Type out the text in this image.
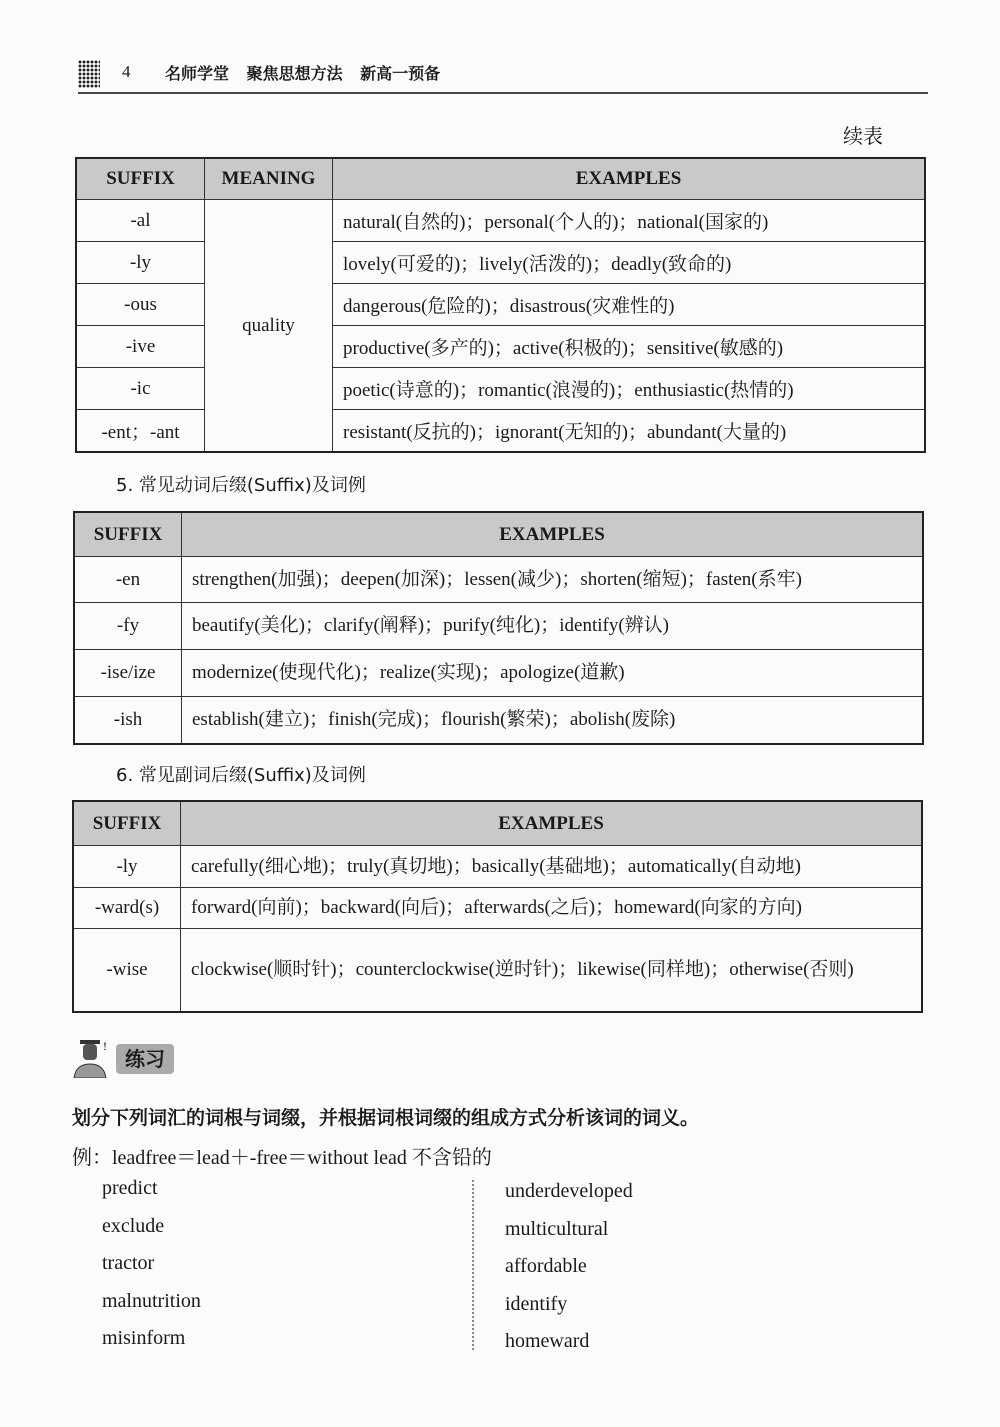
4 名师学堂 聚焦思想方法 新高一预备
续表
SUFFIX	MEANING	EXAMPLES
-al	quality	natural(自然的)；personal(个人的)；national(国家的)
-ly		lovely(可爱的)；lively(活泼的)；deadly(致命的)
-ous		dangerous(危险的)；disastrous(灾难性的)
-ive		productive(多产的)；active(积极的)；sensitive(敏感的)
-ic		poetic(诗意的)；romantic(浪漫的)；enthusiastic(热情的)
-ent；-ant		resistant(反抗的)；ignorant(无知的)；abundant(大量的)
5. 常见动词后缀(Suffix)及词例
SUFFIX	EXAMPLES
-en	strengthen(加强)；deepen(加深)；lessen(减少)；shorten(缩短)；fasten(系牢)
-fy	beautify(美化)；clarify(阐释)；purify(纯化)；identify(辨认)
-ise/ize	modernize(使现代化)；realize(实现)；apologize(道歉)
-ish	establish(建立)；finish(完成)；flourish(繁荣)；abolish(废除)
6. 常见副词后缀(Suffix)及词例
SUFFIX	EXAMPLES
-ly	carefully(细心地)；truly(真切地)；basically(基础地)；automatically(自动地)
-ward(s)	forward(向前)；backward(向后)；afterwards(之后)；homeward(向家的方向)
-wise	clockwise(顺时针)；counterclockwise(逆时针)；likewise(同样地)；otherwise(否则)
!
练习
划分下列词汇的词根与词缀，并根据词根词缀的组成方式分析该词的词义。
例：leadfree＝lead＋-free＝without lead 不含铅的
predict
exclude
tractor
malnutrition
misinform
underdeveloped
multicultural
affordable
identify
homeward
